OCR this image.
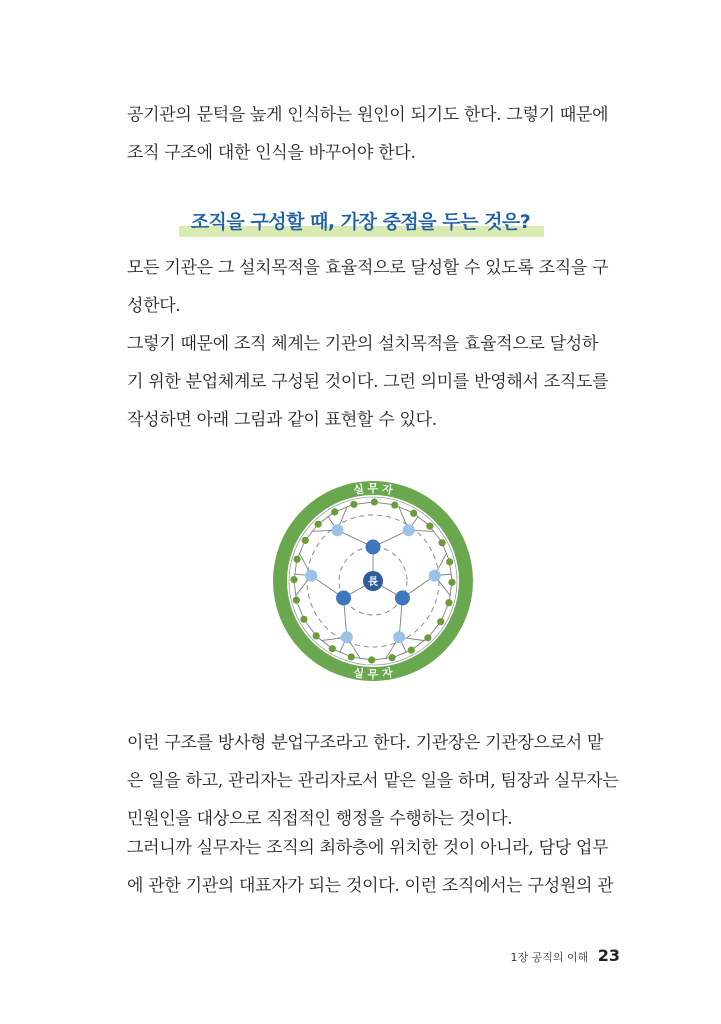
공기관의 문턱을 높게 인식하는 원인이 되기도 한다. 그렇기 때문에
조직 구조에 대한 인식을 바꾸어야 한다.
조직을 구성할 때, 가장 중점을 두는 것은?
모든 기관은 그 설치목적을 효율적으로 달성할 수 있도록 조직을 구
성한다.
그렇기 때문에 조직 체계는 기관의 설치목적을 효율적으로 달성하
기 위한 분업체계로 구성된 것이다. 그런 의미를 반영해서 조직도를
작성하면 아래 그림과 같이 표현할 수 있다.
실 무 자
실 무 자
長
이런 구조를 방사형 분업구조라고 한다. 기관장은 기관장으로서 맡
은 일을 하고, 관리자는 관리자로서 맡은 일을 하며, 팀장과 실무자는
민원인을 대상으로 직접적인 행정을 수행하는 것이다.
그러니까 실무자는 조직의 최하층에 위치한 것이 아니라, 담당 업무
에 관한 기관의 대표자가 되는 것이다. 이런 조직에서는 구성원의 관
1장 공직의 이해 23
